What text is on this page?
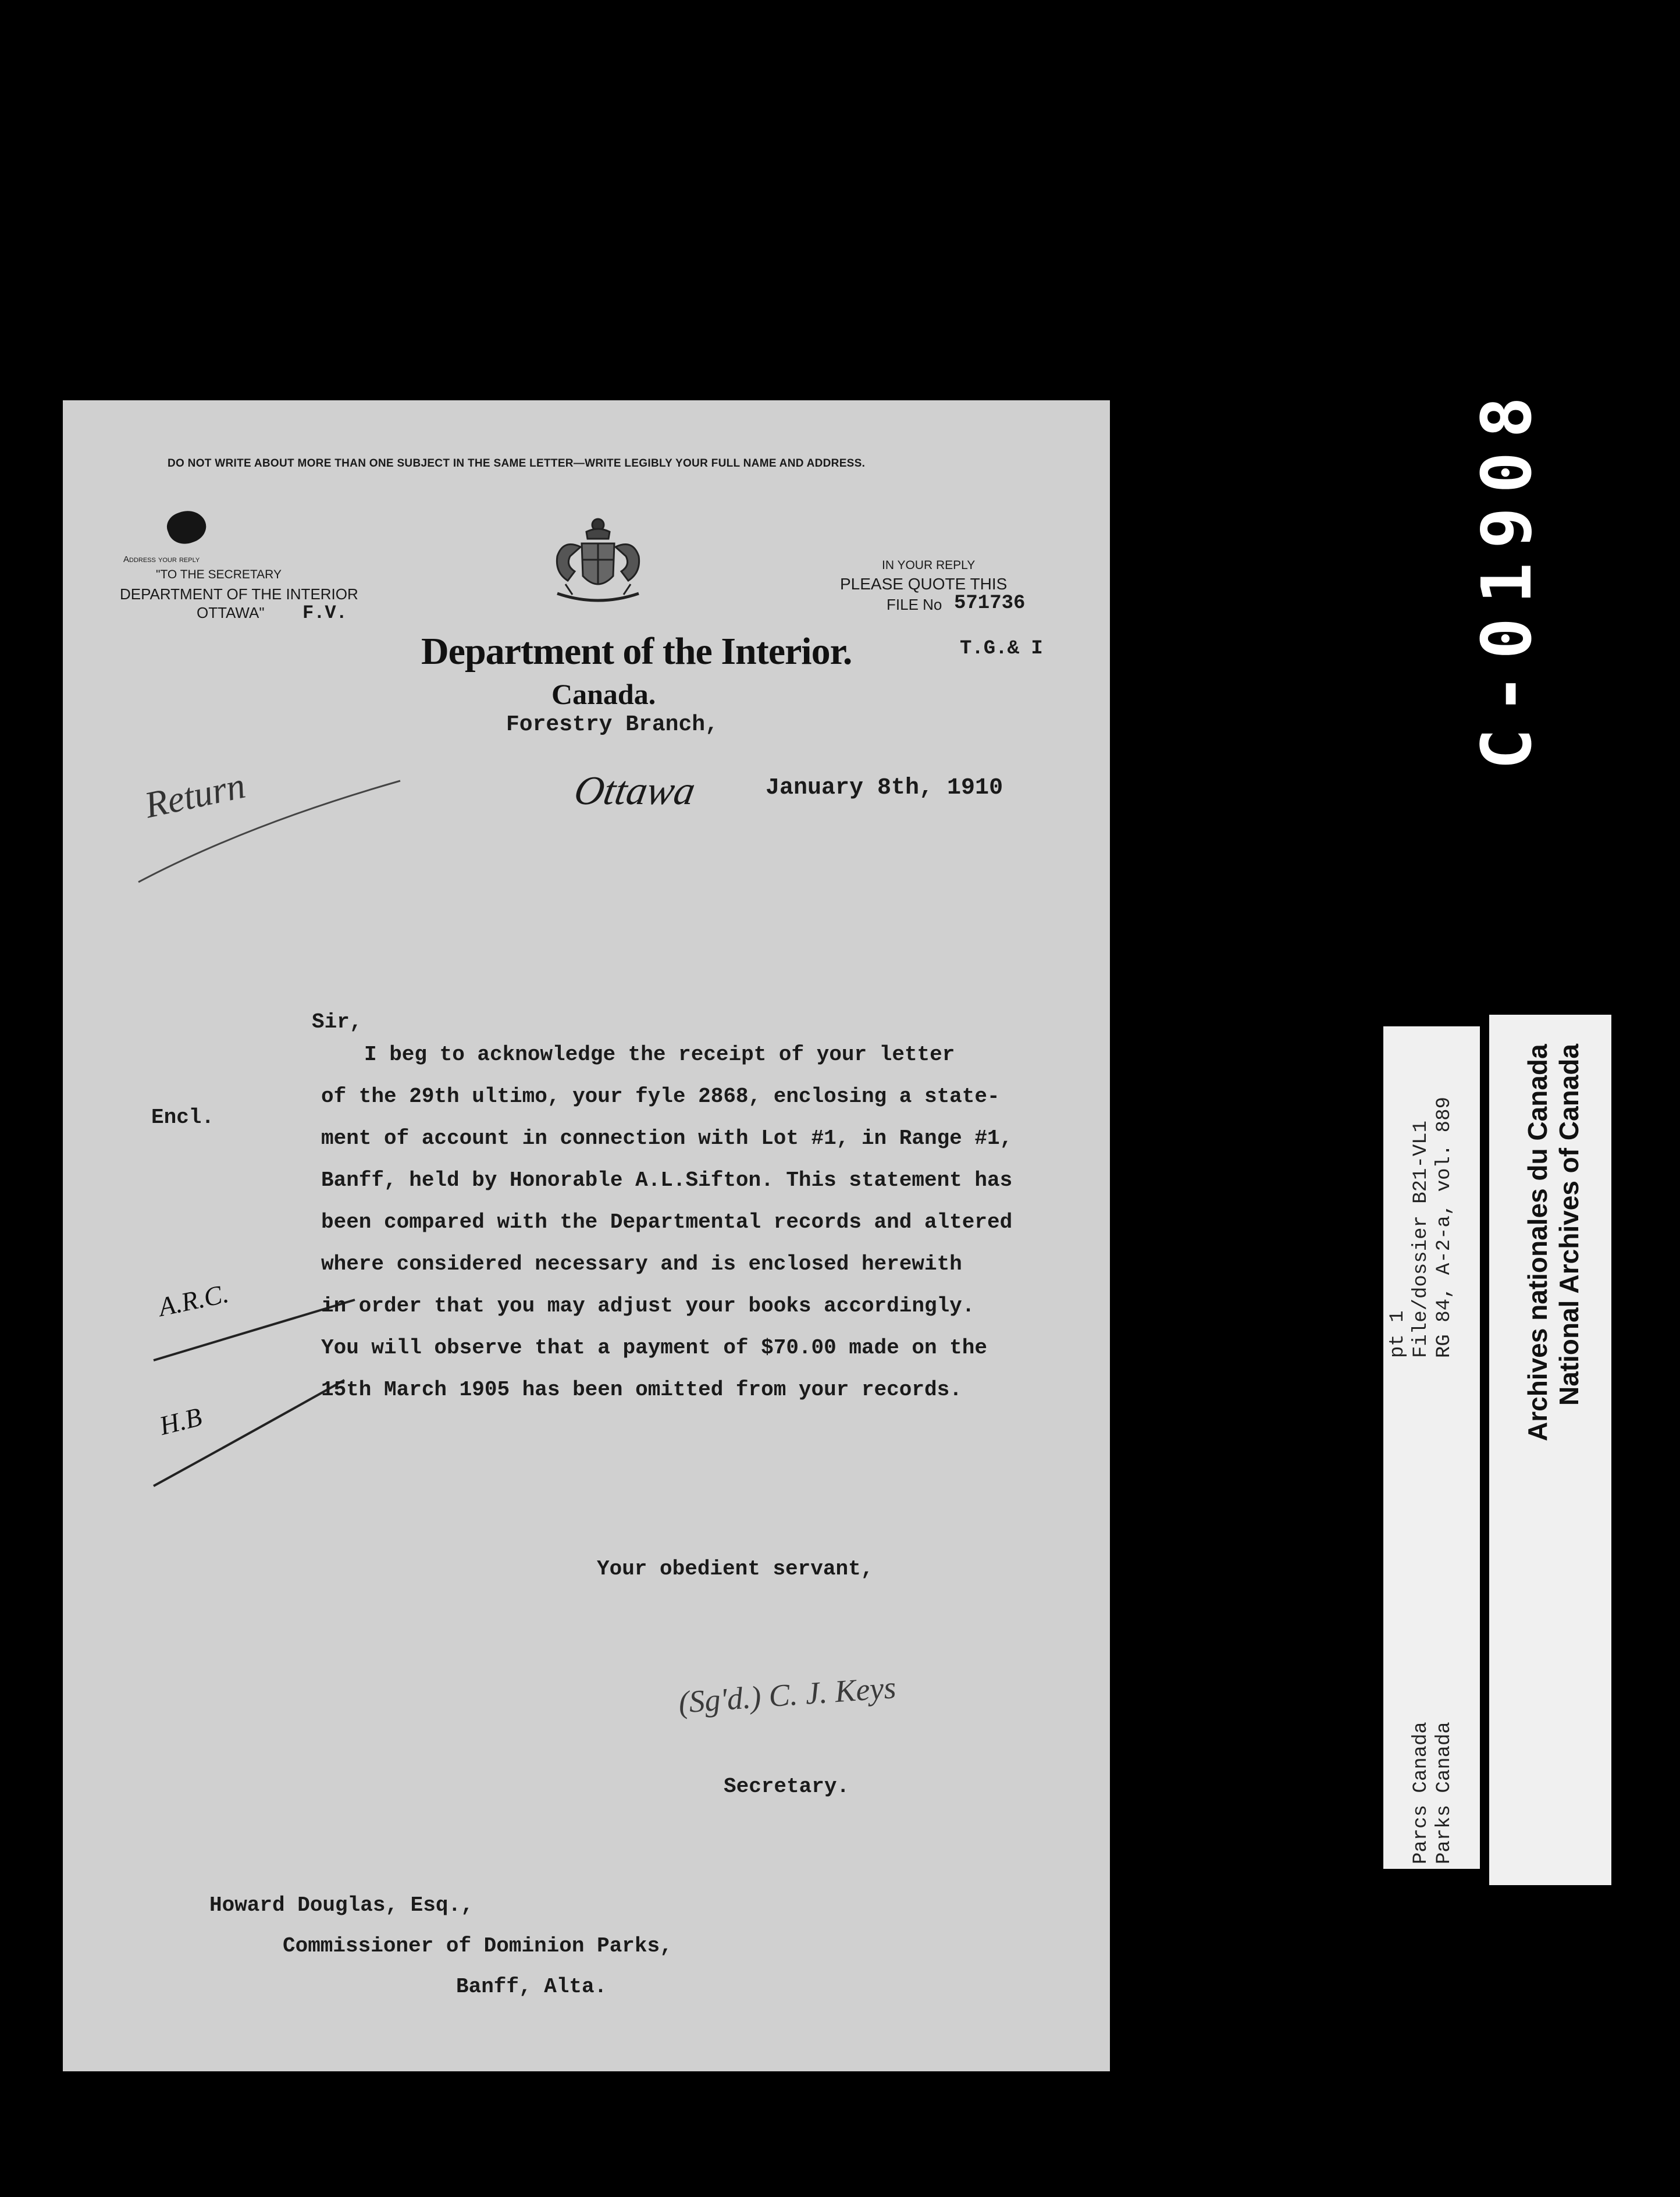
C-01908
RG 84, A-2-a, vol. 889
File/dossier B21-VL1
pt 1
Parks Canada
Parcs Canada
National Archives of Canada
Archives nationales du Canada
DO NOT WRITE ABOUT MORE THAN ONE SUBJECT IN THE SAME LETTER—WRITE LEGIBLY YOUR FULL NAME AND ADDRESS.
Address your reply
"TO THE SECRETARY
DEPARTMENT OF THE INTERIOR
OTTAWA" F.V.
IN YOUR REPLY
PLEASE QUOTE THIS
FILE No 571736
T.G.& I
Department of the Interior.
Canada.
Forestry Branch,
Ottawa	January 8th, 1910
Return
Encl.
A.R.C.
H.B
Sir,
I beg to acknowledge the receipt of your letter
of the 29th ultimo, your fyle 2868, enclosing a state-
ment of account in connection with Lot #1, in Range #1,
Banff, held by Honorable A.L.Sifton. This statement has
been compared with the Departmental records and altered
where considered necessary and is enclosed herewith
in order that you may adjust your books accordingly.
You will observe that a payment of $70.00 made on the
15th March 1905 has been omitted from your records.
Your obedient servant,
(Sg'd.) C. J. Keys
Secretary.
Howard Douglas, Esq.,
Commissioner of Dominion Parks,
Banff, Alta.
